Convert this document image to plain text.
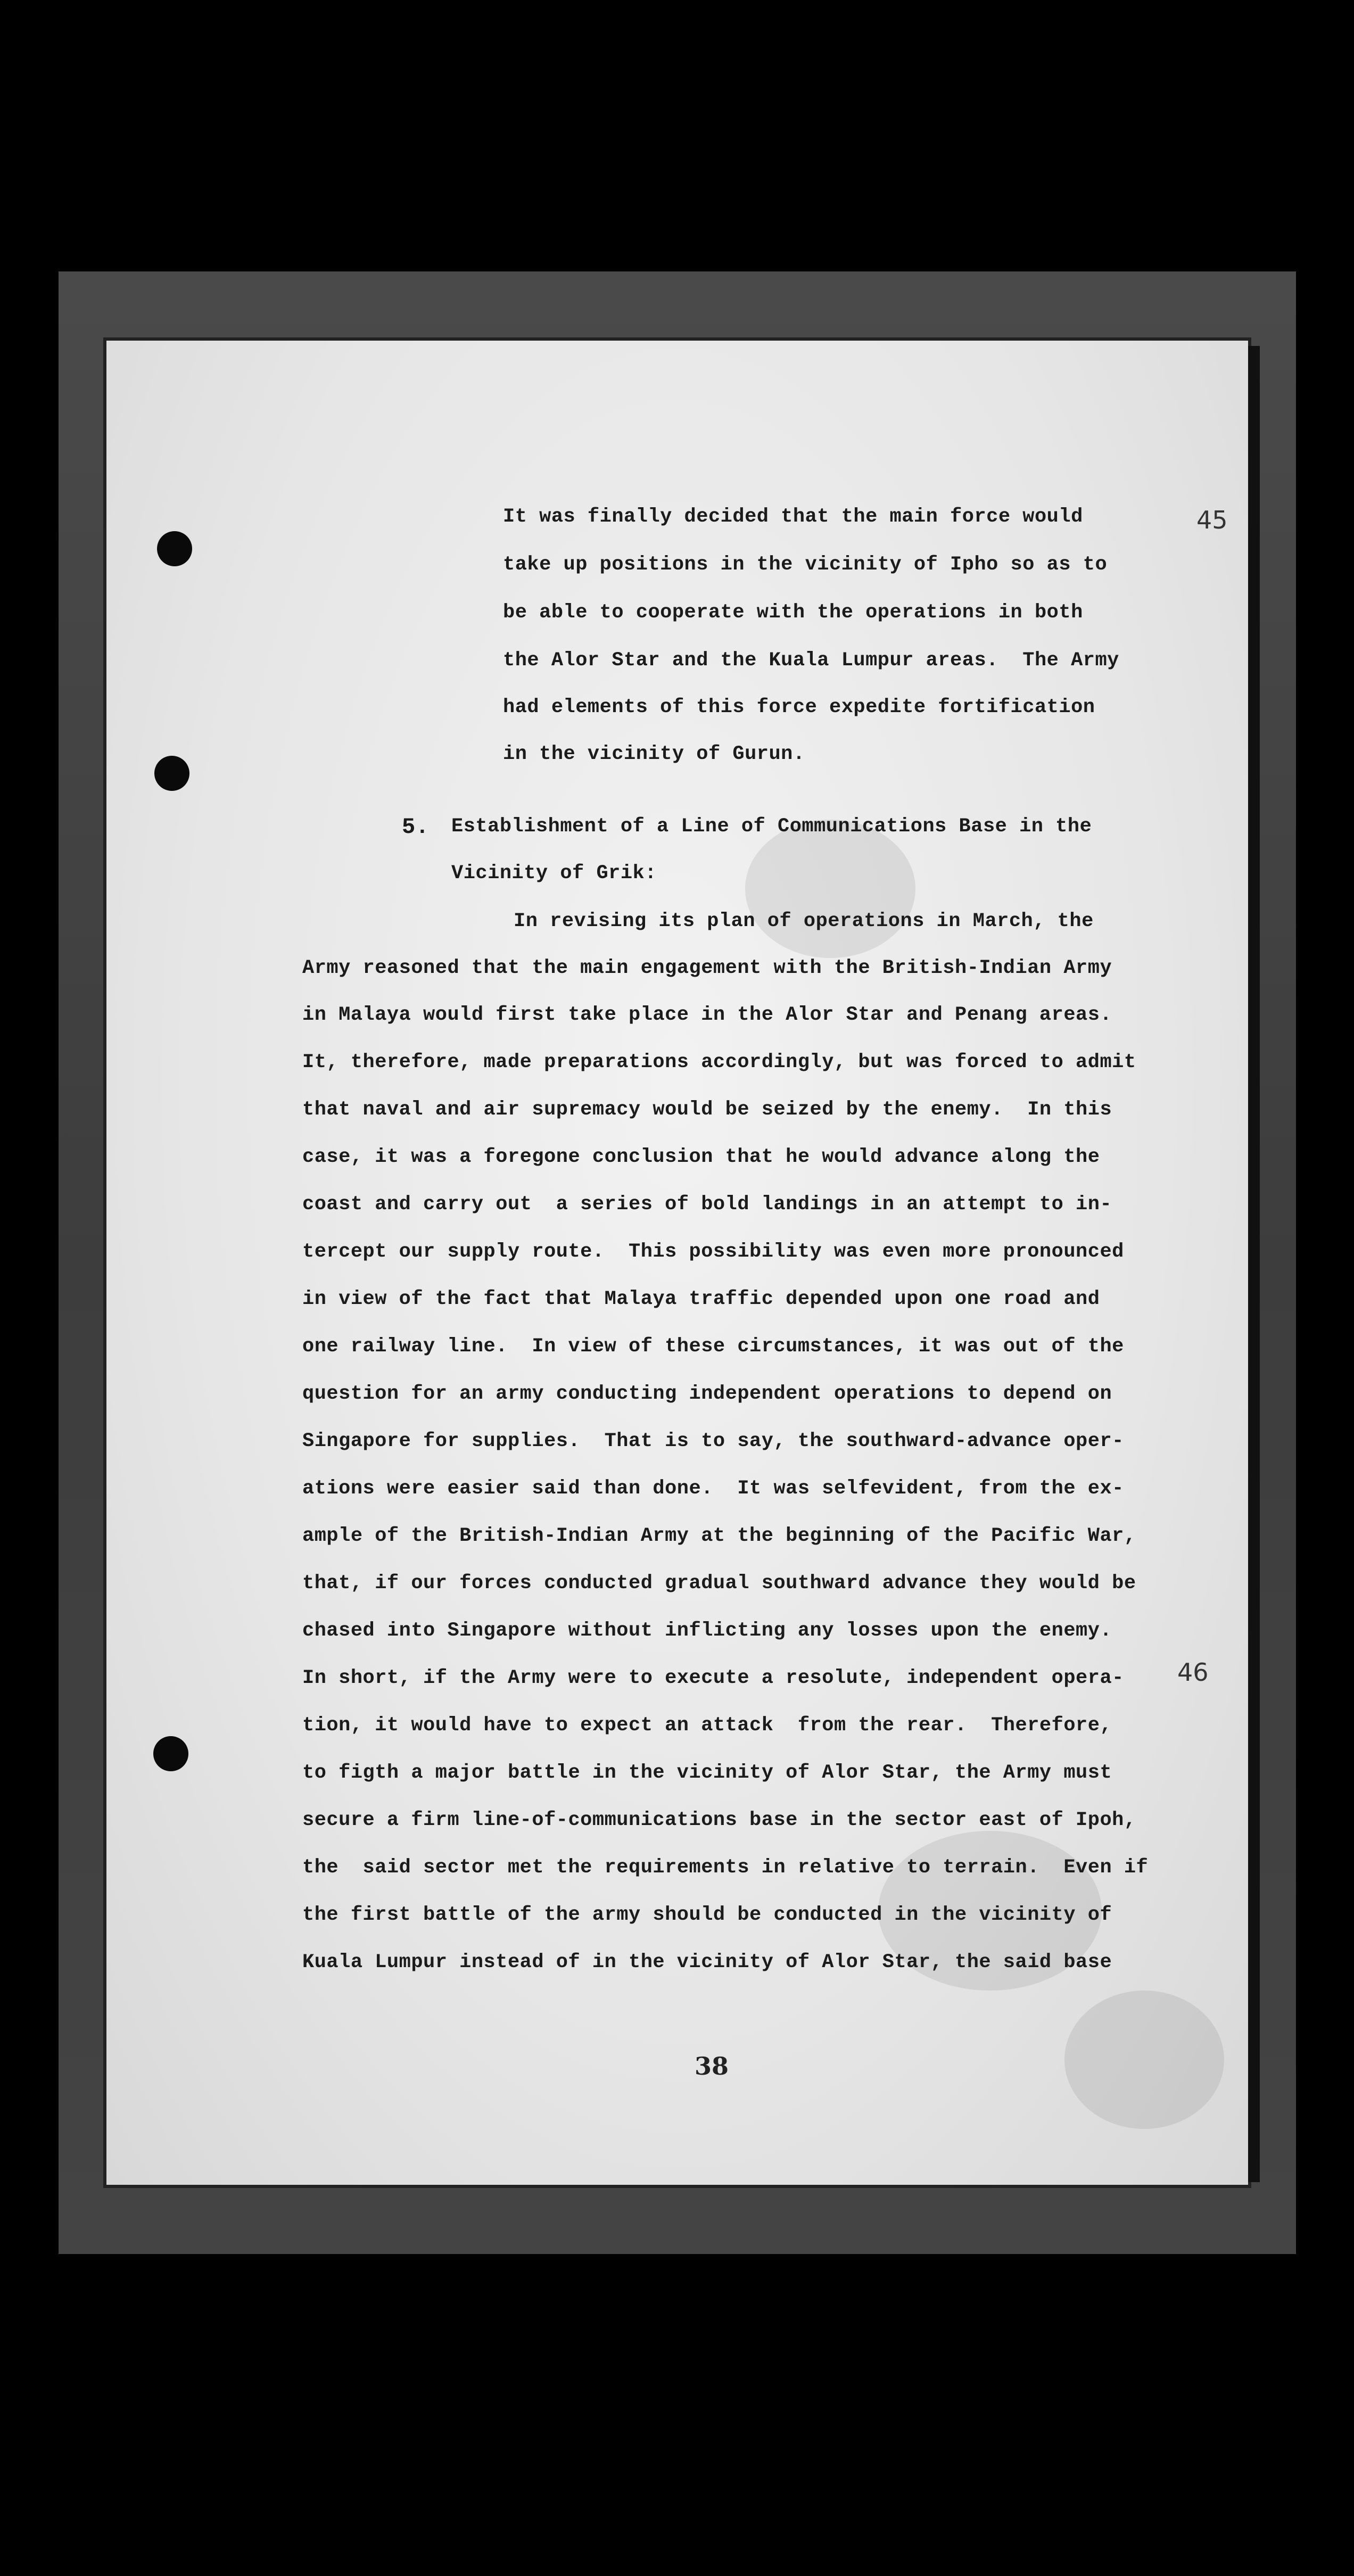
45
46
It was finally decided that the main force would
take up positions in the vicinity of Ipho so as to
be able to cooperate with the operations in both
the Alor Star and the Kuala Lumpur areas.  The Army
had elements of this force expedite fortification
in the vicinity of Gurun.
5. Establishment of a Line of Communications Base in the
Vicinity of Grik:
In revising its plan of operations in March, the
Army reasoned that the main engagement with the British-Indian Army
in Malaya would first take place in the Alor Star and Penang areas.
It, therefore, made preparations accordingly, but was forced to admit
that naval and air supremacy would be seized by the enemy.  In this
case, it was a foregone conclusion that he would advance along the
coast and carry out  a series of bold landings in an attempt to in-
tercept our supply route.  This possibility was even more pronounced
in view of the fact that Malaya traffic depended upon one road and
one railway line.  In view of these circumstances, it was out of the
question for an army conducting independent operations to depend on
Singapore for supplies.  That is to say, the southward-advance oper-
ations were easier said than done.  It was selfevident, from the ex-
ample of the British-Indian Army at the beginning of the Pacific War,
that, if our forces conducted gradual southward advance they would be
chased into Singapore without inflicting any losses upon the enemy.
In short, if the Army were to execute a resolute, independent opera-
tion, it would have to expect an attack  from the rear.  Therefore,
to figth a major battle in the vicinity of Alor Star, the Army must
secure a firm line-of-communications base in the sector east of Ipoh,
the  said sector met the requirements in relative to terrain.  Even if
the first battle of the army should be conducted in the vicinity of
Kuala Lumpur instead of in the vicinity of Alor Star, the said base
38
